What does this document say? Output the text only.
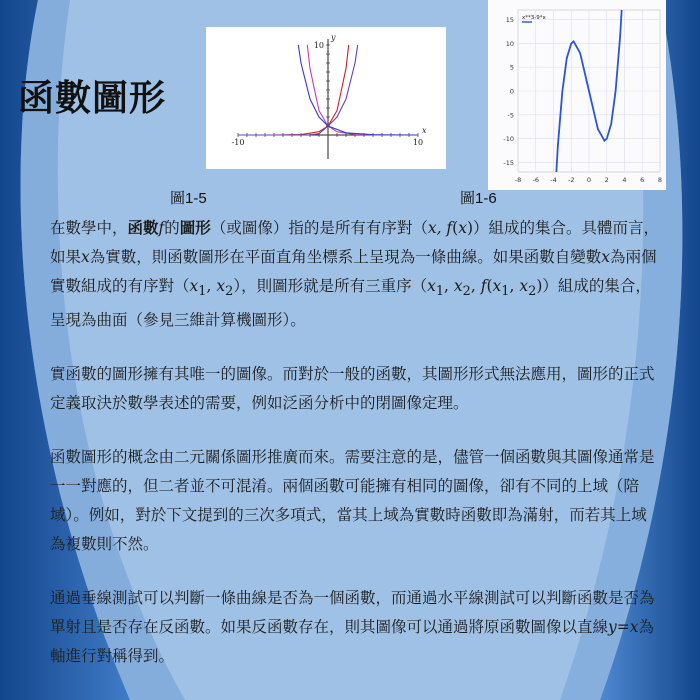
函數圖形
-10	10
10
x
y
圖1-5
-8 -6 -4 -2 0 2 4 6 8
15
10
5
0
-5
-10
-15
x**3-9*x
圖1-6

在數學中，函數f的圖形（或圖像）指的是所有有序對（x, f(x)）組成的集合。具體而言，如果x為實數，則函數圖形在平面直角坐標系上呈現為一條曲線。如果函數自變數x為兩個實數組成的有序對（$x_1$, $x_2$），則圖形就是所有三重序（$x_1$, $x_2$, $f(x_1$, $x_2$)）組成的集合，呈現為曲面（參見三維計算機圖形）。

實函數的圖形擁有其唯一的圖像。而對於一般的函數，其圖形形式無法應用，圖形的正式定義取決於數學表述的需要，例如泛函分析中的閉圖像定理。

函數圖形的概念由二元關係圖形推廣而來。需要注意的是，儘管一個函數與其圖像通常是一一對應的，但二者並不可混淆。兩個函數可能擁有相同的圖像，卻有不同的上域（陪域）。例如，對於下文提到的三次多項式，當其上域為實數時函數即為滿射，而若其上域為複數則不然。

通過垂線測試可以判斷一條曲線是否為一個函數，而通過水平線測試可以判斷函數是否為單射且是否存在反函數。如果反函數存在，則其圖像可以通過將原函數圖像以直線y=x為軸進行對稱得到。
